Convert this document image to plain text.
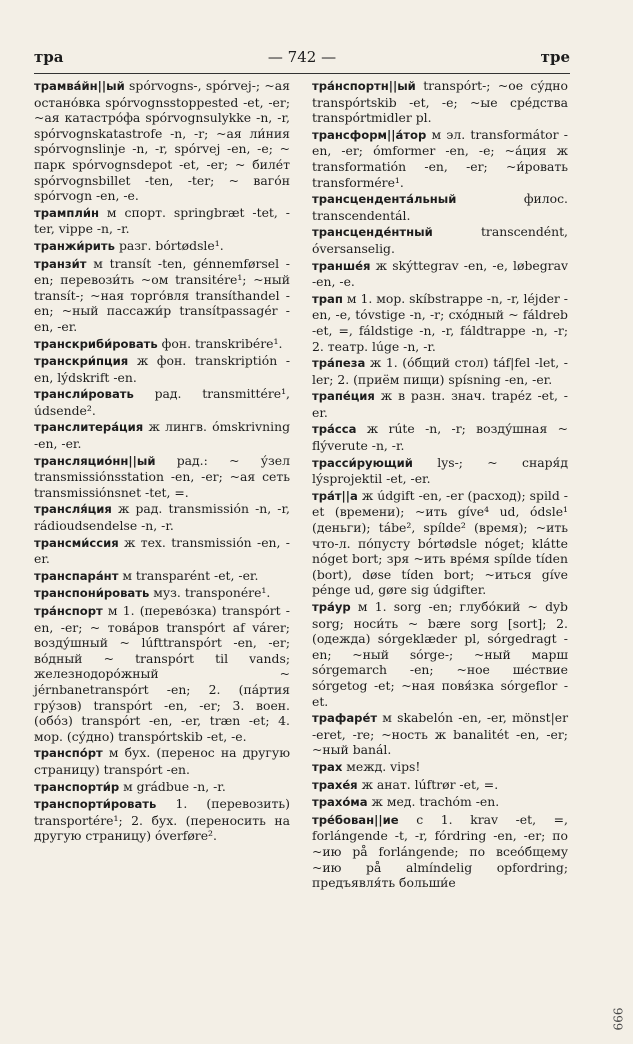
тра	— 742 —	тре

трамва́йн||ый spórvogns-, spórvej-; ~ая остано́вка spórvognsstoppested -et, -er; ~ая катастро́фа spórvognsulykke -n, -r, spórvognskatastrofe -n, -r; ~ая ли́ния spórvognslinje -n, -r, spórvej -en, -e; ~ парк spórvognsdepot -et, -er; ~ биле́т spórvognsbillet -ten, -ter; ~ ваго́н spórvogn -en, -e.

трампли́н м спорт. springbræt -tet, -ter, vippe -n, -r.

транжи́рить разг. bórtødsle¹.

транзи́т м transít -ten, génnemførsel -en; перевози́ть ~ом transitére¹; ~ный transít-; ~ная торго́вля transíthandel -en; ~ный пассажи́р transítpassagér -en, -er.

транскриби́ровать фон. transkribére¹.

транскри́пция ж фон. transkriptión -en, lýdskrift -en.

трансли́ровать рад. transmittére¹, údsende².

транслитера́ция ж лингв. ómskrivning -en, -er.

трансляцио́нн||ый рад.: ~ у́зел transmissiónsstation -en, -er; ~ая сеть transmissiónsnet -tet, =.

трансля́ция ж рад. transmissión -n, -r, rádioudsendelse -n, -r.

трансми́ссия ж тех. transmissión -en, -er.

транспара́нт м transparént -et, -er.

транспони́ровать муз. transponére¹.

тра́нспорт м 1. (перево́зка) transpórt -en, -er; ~ това́ров transpórt af várer; возду́шный ~ lúfttranspórt -en, -er; во́дный ~ transpórt til vands; железнодоро́жный ~ jérnbanetranspórt -en; 2. (па́ртия гру́зов) transpórt -en, -er; 3. воен. (обо́з) transpórt -en, -er, træn -et; 4. мор. (су́дно) transpórtskib -et, -e.

транспо́рт м бух. (перенос на другую страницу) transpórt -en.

транспорти́р м grádbue -n, -r.

транспорти́ровать 1. (перевозить) transportére¹; 2. бух. (переносить на другую страницу) óverføre².

тра́нспортн||ый transpórt-; ~ое су́дно transpórtskib -et, -e; ~ые сре́дства transpórtmidler pl.

трансформ||а́тор м эл. transformátor -en, -er; ómformer -en, -e; ~а́ция ж transformatión -en, -er; ~и́ровать transformére¹.

трансцендента́льный филос. transcendentál.

трансценде́нтный transcendént, óversanselig.

транше́я ж skýttegrav -en, -e, løbegrav -en, -e.

трап м 1. мор. skíbstrappe -n, -r, léjder -en, -e, tóvstige -n, -r; схо́дный ~ fáldreb -et, =, fáldstige -n, -r, fáldtrappe -n, -r; 2. театр. lúge -n, -r.

тра́пеза ж 1. (о́бщий стол) táf|fel -let, -ler; 2. (приём пищи) spísning -en, -er.

трапе́ция ж в разн. знач. trapéz -et, -er.

тра́сса ж rúte -n, -r; возду́шная ~ flýverute -n, -r.

трасси́рующий lys-; ~ снаря́д lýsprojektil -et, -er.

тра́т||а ж údgift -en, -er (расход); spild -et (времени); ~ить gíve⁴ ud, ódsle¹ (деньги); tábe², spílde² (время); ~ить что-л. по́пусту bórtødsle nóget; klátte nóget bort; зря ~ить вре́мя spílde tíden (bort), døse tíden bort; ~иться gíve pénge ud, gøre sig údgifter.

тра́ур м 1. sorg -en; глубо́кий ~ dyb sorg; носи́ть ~ bære sorg [sort]; 2. (одежда) sórgeklæder pl, sórgedragt -en; ~ный sórge-; ~ный марш sórgemarch -en; ~ное ше́ствие sórgetog -et; ~ная повя́зка sórgeflor -et.

трафаре́т м skabelón -en, -er, mönst|er -eret, -re; ~ность ж banalitét -en, -er; ~ный banál.

трах межд. vips!

трахе́я ж анат. lúftrør -et, =.

трахо́ма ж мед. trachóm -en.

тре́бован||ие с 1. krav -et, =, forlángende -t, -r, fórdring -en, -er; по ~ию på forlángende; по всео́бщему ~ию på almíndelig opfordring; предъявля́ть больши́е

999
